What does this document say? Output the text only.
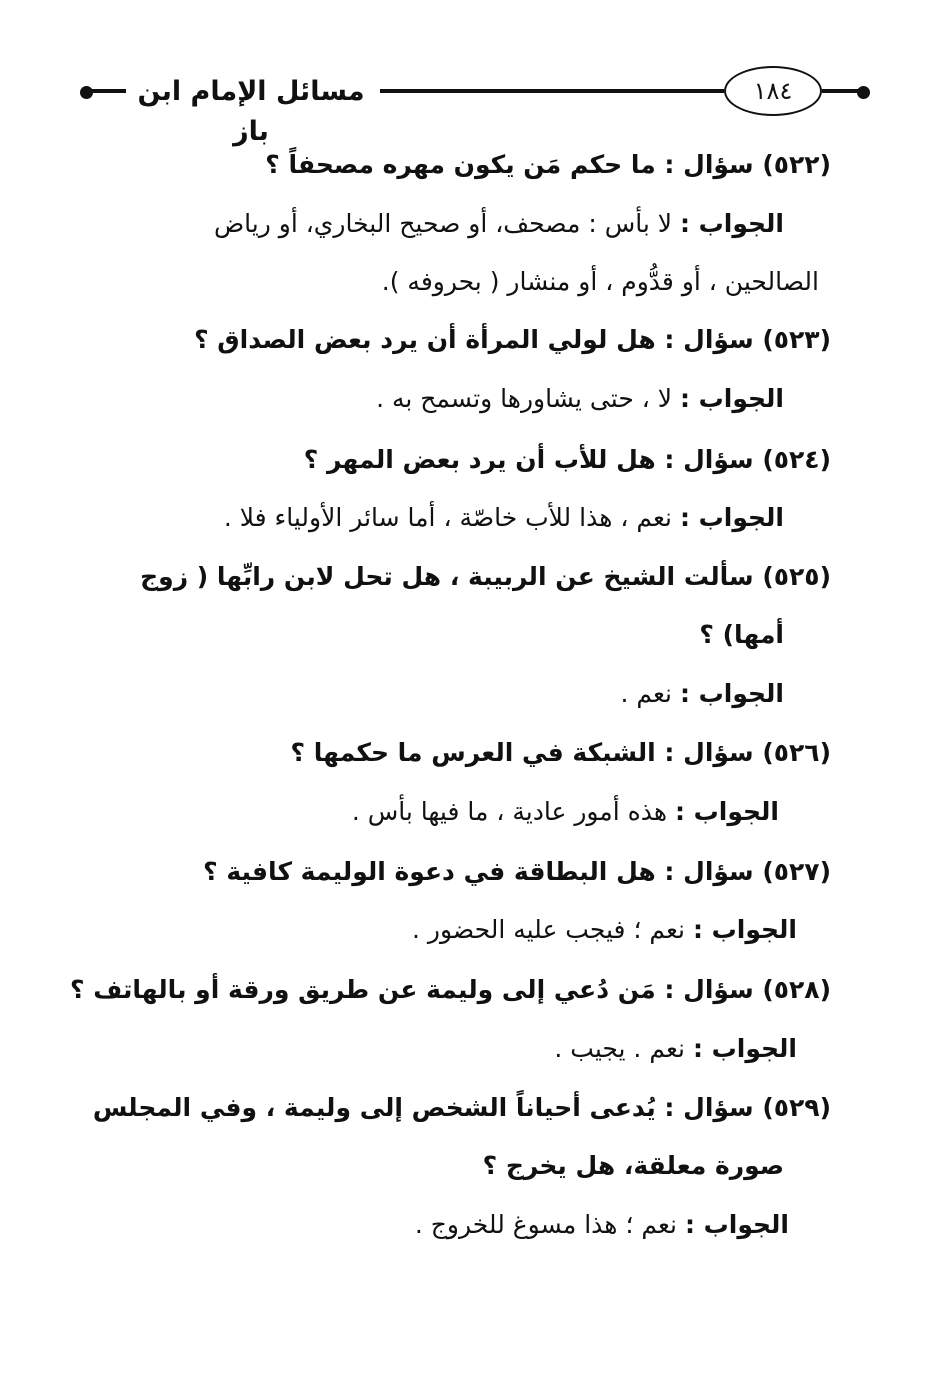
مسائل الإمام ابن باز
١٨٤
(٥٢٢) سؤال : ما حكم مَن يكون مهره مصحفاً ؟
الجواب : لا بأس : مصحف، أو صحيح البخاري، أو رياض
الصالحين ، أو قدُّوم ، أو منشار ( بحروفه ).
(٥٢٣) سؤال : هل لولي المرأة أن يرد بعض الصداق ؟
الجواب : لا ، حتى يشاورها وتسمح به .
(٥٢٤) سؤال : هل للأب أن يرد بعض المهر ؟
الجواب : نعم ، هذا للأب خاصّة ، أما سائر الأولياء فلا .
(٥٢٥) سألت الشيخ عن الربيبة ، هل تحل لابن رابِّها ( زوج
أمها) ؟
الجواب : نعم .
(٥٢٦) سؤال : الشبكة في العرس ما حكمها ؟
الجواب : هذه أمور عادية ، ما فيها بأس .
(٥٢٧) سؤال : هل البطاقة في دعوة الوليمة كافية ؟
الجواب : نعم ؛ فيجب عليه الحضور .
(٥٢٨) سؤال : مَن دُعي إلى وليمة عن طريق ورقة أو بالهاتف ؟
الجواب : نعم . يجيب .
(٥٢٩) سؤال : يُدعى أحياناً الشخص إلى وليمة ، وفي المجلس
صورة معلقة، هل يخرج ؟
الجواب : نعم ؛ هذا مسوغ للخروج .
